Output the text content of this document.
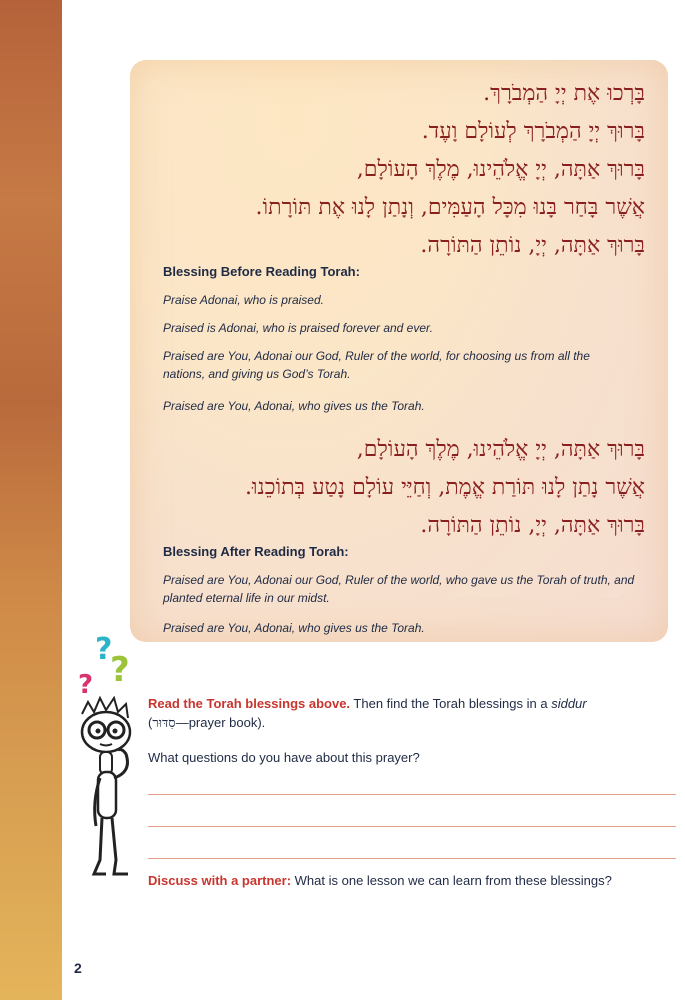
בָּרְכוּ אֶת יְיָ הַמְבֹרָךְ.
בָּרוּךְ יְיָ הַמְבֹרָךְ לְעוֹלָם וָעֶד.
בָּרוּךְ אַתָּה, יְיָ אֱלֹהֵינוּ, מֶלֶךְ הָעוֹלָם,
אֲשֶׁר בָּחַר בָּנוּ מִכָּל הָעַמִּים, וְנָתַן לָנוּ אֶת תּוֹרָתוֹ.
בָּרוּךְ אַתָּה, יְיָ, נוֹתֵן הַתּוֹרָה.
Blessing Before Reading Torah:
Praise Adonai, who is praised.
Praised is Adonai, who is praised forever and ever.
Praised are You, Adonai our God, Ruler of the world, for choosing us from all the nations, and giving us God’s Torah.
Praised are You, Adonai, who gives us the Torah.
בָּרוּךְ אַתָּה, יְיָ אֱלֹהֵינוּ, מֶלֶךְ הָעוֹלָם,
אֲשֶׁר נָתַן לָנוּ תּוֹרַת אֱמֶת, וְחַיֵּי עוֹלָם נָטַע בְּתוֹכֵנוּ.
בָּרוּךְ אַתָּה, יְיָ, נוֹתֵן הַתּוֹרָה.
Blessing After Reading Torah:
Praised are You, Adonai our God, Ruler of the world, who gave us the Torah of truth, and planted eternal life in our midst.
Praised are You, Adonai, who gives us the Torah.
?
?
?
Read the Torah blessings above. Then find the Torah blessings in a siddur
(סִדּוּר—prayer book).
What questions do you have about this prayer?
Discuss with a partner: What is one lesson we can learn from these blessings?
2
